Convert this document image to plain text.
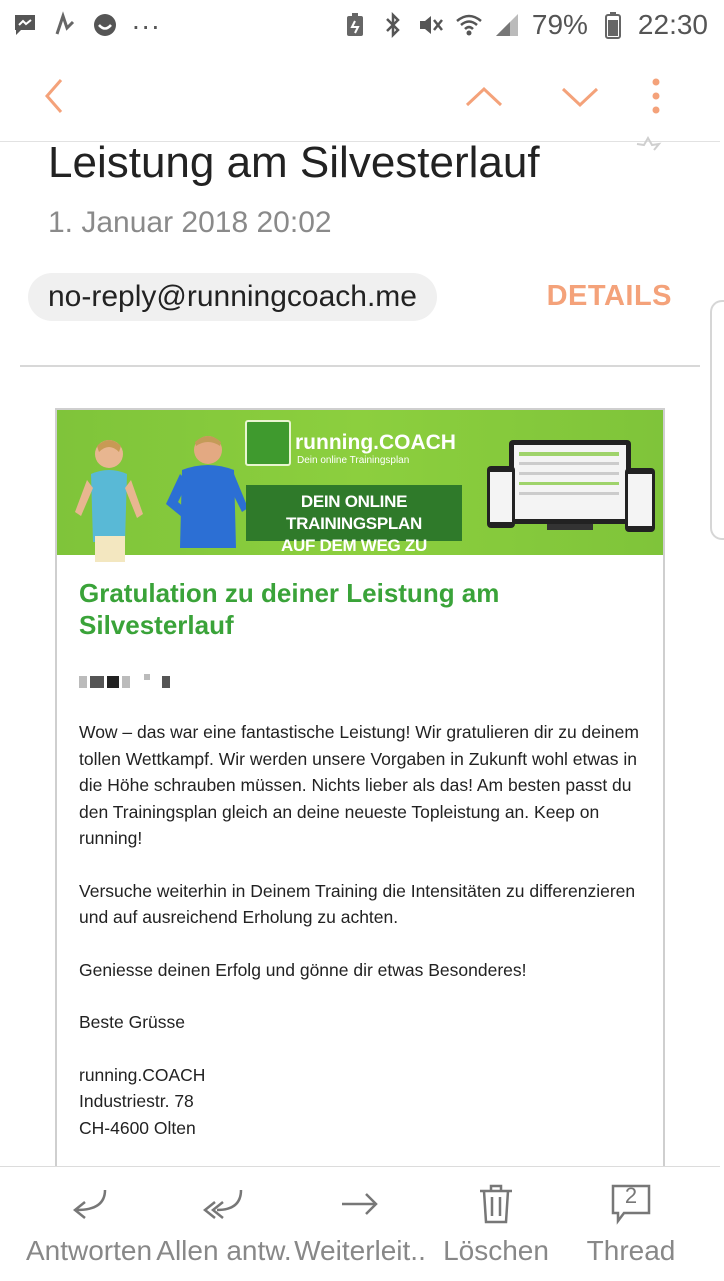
...	79% 22:30
Leistung am Silvesterlauf
1. Januar 2018 20:02
no-reply@runningcoach.me	DETAILS
running.COACH
Dein online Trainingsplan
DEIN ONLINE TRAININGSPLAN
AUF DEM WEG ZU DEINEM ZIEL
Gratulation zu deiner Leistung am Silvesterlauf

Wow – das war eine fantastische Leistung! Wir gratulieren dir zu deinem tollen Wettkampf. Wir werden unsere Vorgaben in Zukunft wohl etwas in die Höhe schrauben müssen. Nichts lieber als das! Am besten passt du den Trainingsplan gleich an deine neueste Topleistung an. Keep on running!

Versuche weiterhin in Deinem Training die Intensitäten zu differenzieren und auf ausreichend Erholung zu achten.

Geniesse deinen Erfolg und gönne dir etwas Besonderes!

Beste Grüsse

running.COACH
Industriestr. 78
CH-4600 Olten
Antworten Allen antw. Weiterleit.. Löschen
2
Thread
